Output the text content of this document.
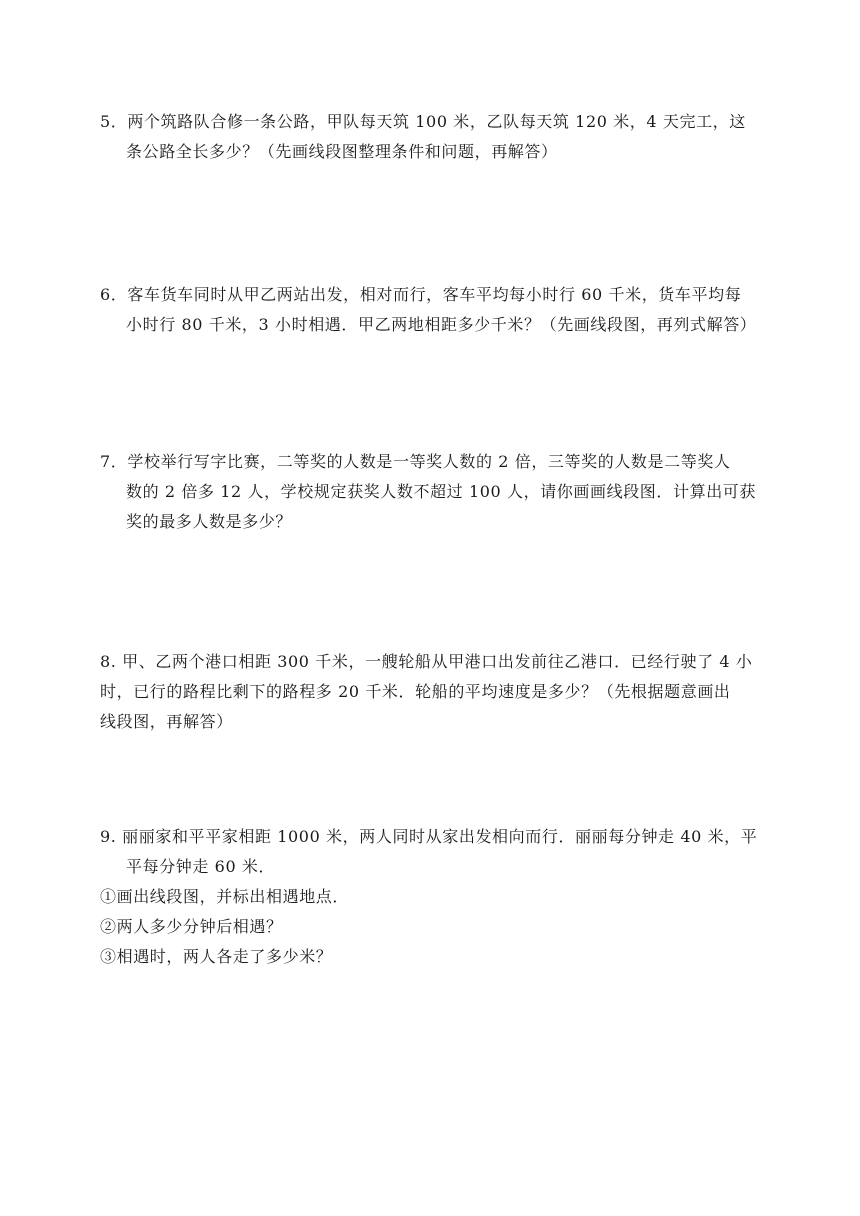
5．两个筑路队合修一条公路，甲队每天筑 100 米，乙队每天筑 120 米，4 天完工，这
条公路全长多少？（先画线段图整理条件和问题，再解答）
6．客车货车同时从甲乙两站出发，相对而行，客车平均每小时行 60 千米，货车平均每
小时行 80 千米，3 小时相遇．甲乙两地相距多少千米？（先画线段图，再列式解答）
7．学校举行写字比赛，二等奖的人数是一等奖人数的 2 倍，三等奖的人数是二等奖人
数的 2 倍多 12 人，学校规定获奖人数不超过 100 人，请你画画线段图．计算出可获
奖的最多人数是多少？
8. 甲、乙两个港口相距 300 千米，一艘轮船从甲港口出发前往乙港口．已经行驶了 4 小
时，已行的路程比剩下的路程多 20 千米．轮船的平均速度是多少？（先根据题意画出
线段图，再解答）
9. 丽丽家和平平家相距 1000 米，两人同时从家出发相向而行．丽丽每分钟走 40 米，平
平每分钟走 60 米．
①画出线段图，并标出相遇地点．
②两人多少分钟后相遇？
③相遇时，两人各走了多少米？
